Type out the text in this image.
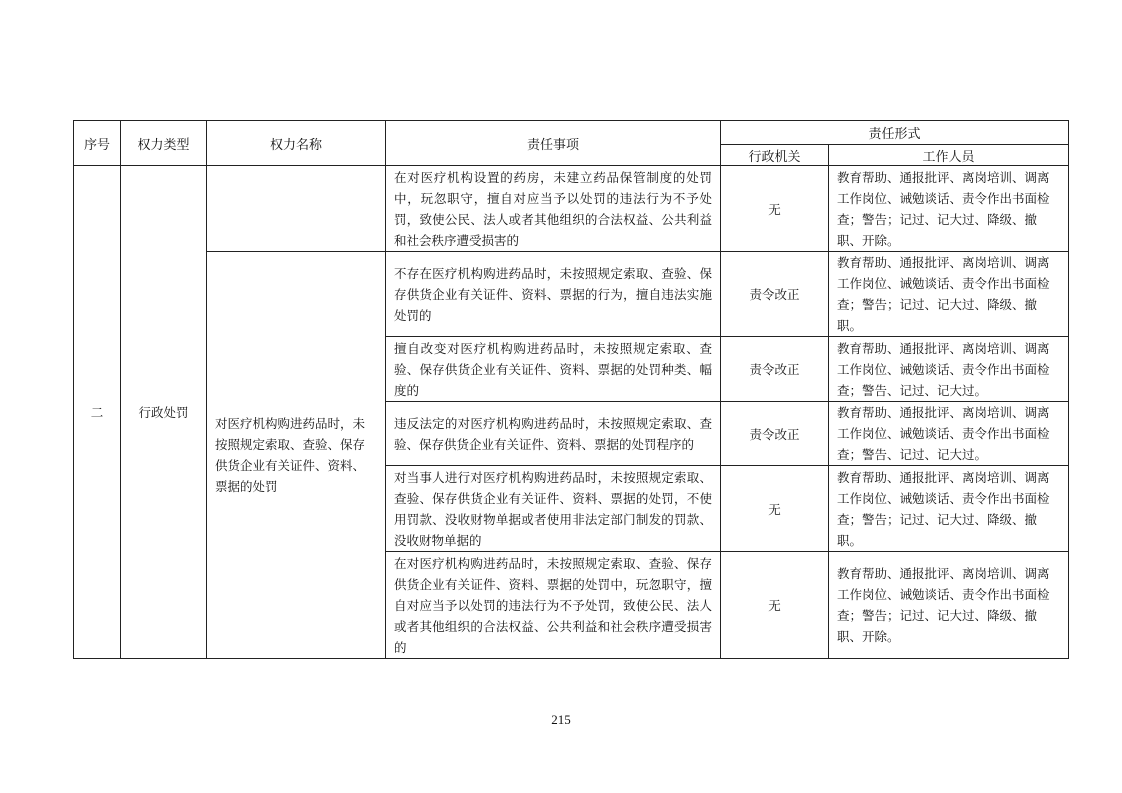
序号	权力类型	权力名称	责任事项	责任形式	
				行政机关	工作人员
二	行政处罚		在对医疗机构设置的药房，未建立药品保管制度的处罚中，玩忽职守，擅自对应当予以处罚的违法行为不予处罚，致使公民、法人或者其他组织的合法权益、公共利益和社会秩序遭受损害的	无	教育帮助、通报批评、离岗培训、调离工作岗位、诫勉谈话、责令作出书面检查；警告；记过、记大过、降级、撤职、开除。
		对医疗机构购进药品时，未按照规定索取、查验、保存供货企业有关证件、资料、票据的处罚	不存在医疗机构购进药品时，未按照规定索取、查验、保存供货企业有关证件、资料、票据的行为，擅自违法实施处罚的	责令改正	教育帮助、通报批评、离岗培训、调离工作岗位、诫勉谈话、责令作出书面检查；警告；记过、记大过、降级、撤职。
			擅自改变对医疗机构购进药品时，未按照规定索取、查验、保存供货企业有关证件、资料、票据的处罚种类、幅度的	责令改正	教育帮助、通报批评、离岗培训、调离工作岗位、诫勉谈话、责令作出书面检查；警告、记过、记大过。
			违反法定的对医疗机构购进药品时，未按照规定索取、查验、保存供货企业有关证件、资料、票据的处罚程序的	责令改正	教育帮助、通报批评、离岗培训、调离工作岗位、诫勉谈话、责令作出书面检查；警告、记过、记大过。
			对当事人进行对医疗机构购进药品时，未按照规定索取、查验、保存供货企业有关证件、资料、票据的处罚，不使用罚款、没收财物单据或者使用非法定部门制发的罚款、没收财物单据的	无	教育帮助、通报批评、离岗培训、调离工作岗位、诫勉谈话、责令作出书面检查；警告；记过、记大过、降级、撤职。
			在对医疗机构购进药品时，未按照规定索取、查验、保存供货企业有关证件、资料、票据的处罚中，玩忽职守，擅自对应当予以处罚的违法行为不予处罚，致使公民、法人或者其他组织的合法权益、公共利益和社会秩序遭受损害的	无	教育帮助、通报批评、离岗培训、调离工作岗位、诫勉谈话、责令作出书面检查；警告；记过、记大过、降级、撤职、开除。
215
